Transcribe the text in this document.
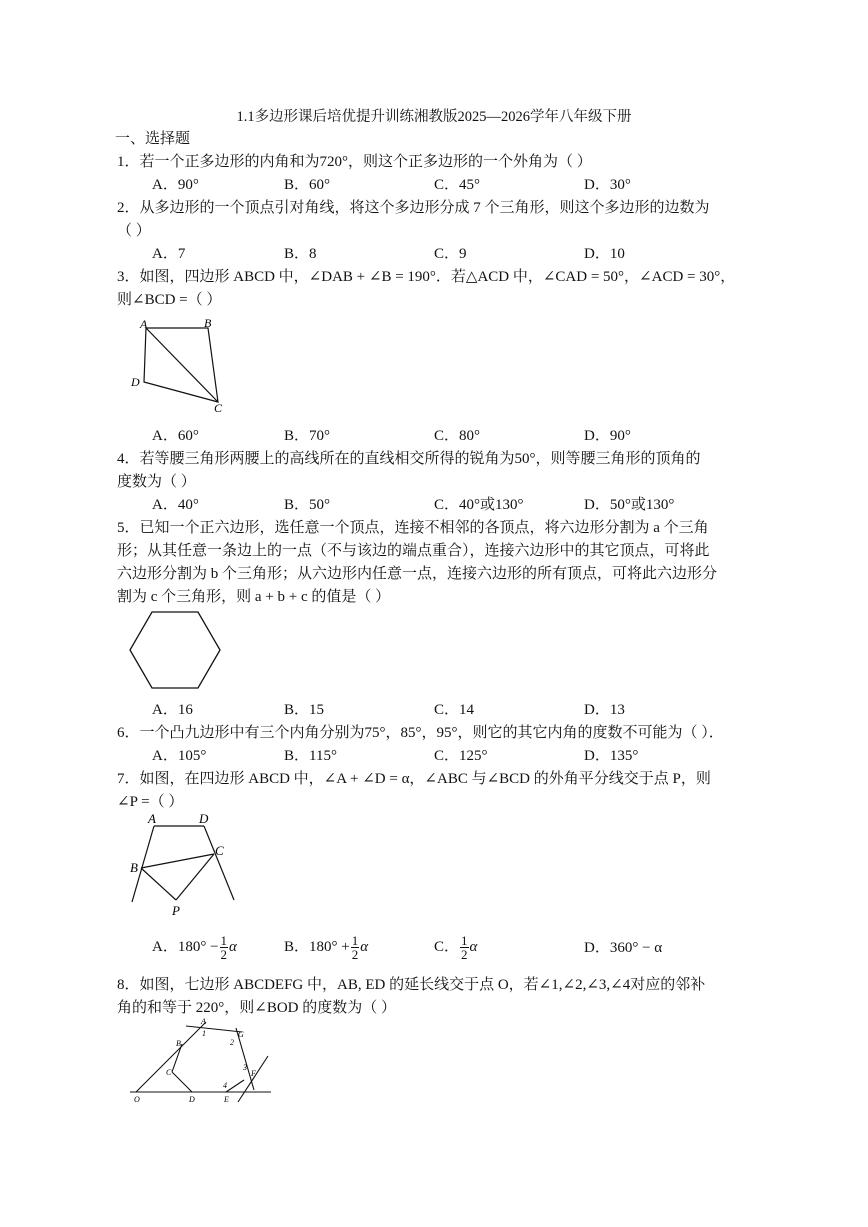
1.1多边形课后培优提升训练湘教版2025—2026学年八年级下册
一、选择题
1．若一个正多边形的内角和为720°，则这个正多边形的一个外角为（ ）
A．90°	B．60°	C．45°	D．30°
2．从多边形的一个顶点引对角线，将这个多边形分成 7 个三角形，则这个多边形的边数为
（ ）
A．7	B．8	C．9	D．10
3．如图，四边形 ABCD 中，∠DAB + ∠B = 190°．若△ACD 中，∠CAD = 50°，∠ACD = 30°，
则∠BCD =（ ）
A	B
C
D
A．60°	B．70°	C．80°	D．90°
4．若等腰三角形两腰上的高线所在的直线相交所得的锐角为50°，则等腰三角形的顶角的
度数为（ ）
A．40°	B．50°	C．40°或130°	D．50°或130°
5．已知一个正六边形，选任意一个顶点，连接不相邻的各顶点，将六边形分割为 a 个三角
形；从其任意一条边上的一点（不与该边的端点重合），连接六边形中的其它顶点，可将此
六边形分割为 b 个三角形；从六边形内任意一点，连接六边形的所有顶点，可将此六边形分
割为 c 个三角形，则 a + b + c 的值是（ ）
A．16	B．15	C．14	D．13
6．一个凸九边形中有三个内角分别为75°，85°，95°，则它的其它内角的度数不可能为（ ）．
A．105°	B．115°	C．125°	D．135°
7．如图，在四边形 ABCD 中，∠A + ∠D = α，∠ABC 与∠BCD 的外角平分线交于点 P，则
∠P =（ ）
A	D
C
B
P
A．$180^\circ - \frac{1}{2}$ α	B．$180^\circ + \frac{1}{2}$ α	C． $\frac{1}{2}$ α	D．360° − α
8．如图，七边形 ABCDEFG 中，AB, ED 的延长线交于点 O，若∠1,∠2,∠3,∠4对应的邻补
角的和等于 220°，则∠BOD 的度数为（ ）
A
1	G
2
B
3
F
C
4
O	D	E
